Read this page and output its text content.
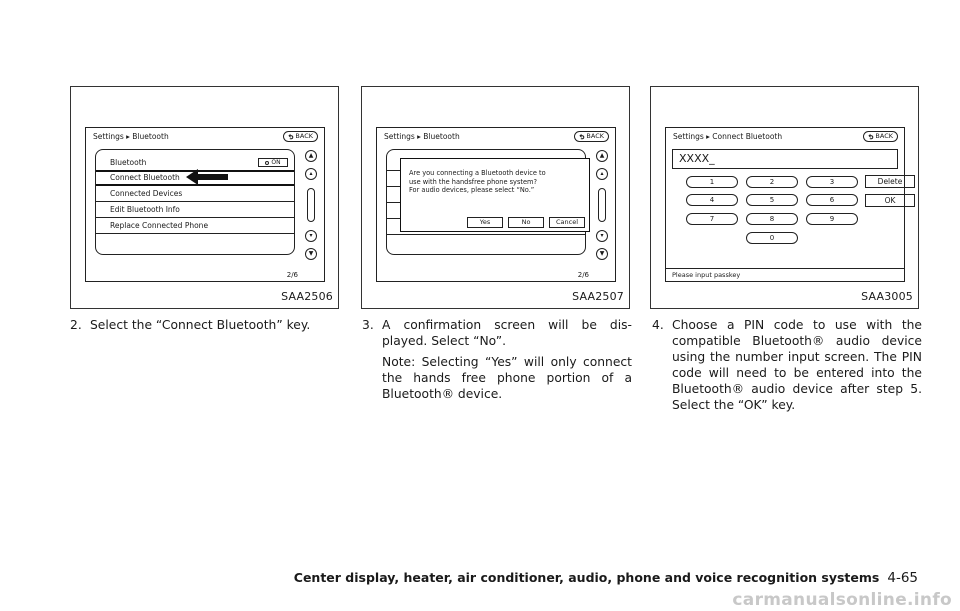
Settings ▸ Bluetooth	BACK
Bluetooth	ON
Connect Bluetooth
Connected Devices
Edit Bluetooth Info
Replace Connected Phone
▲
▴
▾
▼
2/6
SAA2506
Settings ▸ Bluetooth	BACK
▲
▴
▾
▼
2/6
Are you connecting a Bluetooth device to
use with the handsfree phone system?
For audio devices, please select “No.”
Yes	No	Cancel
SAA2507
Settings ▸ Connect Bluetooth	BACK
XXXX_
1	2	3
4	5	6
7	8	9
0
Delete
OK
Please input passkey
SAA3005
2. Select the “Connect Bluetooth” key.	3. A confirmation screen will be dis- played. Select “No”.

Note: Selecting “Yes” will only connect the hands free phone portion of a Bluetooth® device.

4. Choose a PIN code to use with the compatible Bluetooth® audio device using the number input screen. The PIN code will need to be entered into the Bluetooth® audio device after step 5. Select the “OK” key.

Center display, heater, air conditioner, audio, phone and voice recognition systems 4-65
carmanualsonline.info
